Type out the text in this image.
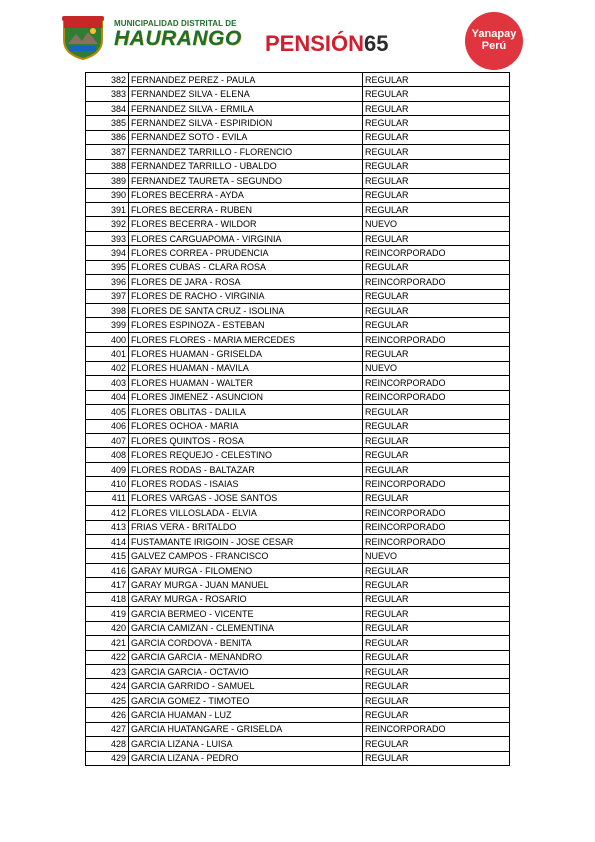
MUNICIPALIDAD DISTRITAL DE
HAURANGO PENSIÓN65	Yanapay
Perú
382	FERNANDEZ PEREZ - PAULA	REGULAR
383	FERNANDEZ SILVA - ELENA	REGULAR
384	FERNANDEZ SILVA - ERMILA	REGULAR
385	FERNANDEZ SILVA - ESPIRIDION	REGULAR
386	FERNANDEZ SOTO - EVILA	REGULAR
387	FERNANDEZ TARRILLO - FLORENCIO	REGULAR
388	FERNANDEZ TARRILLO - UBALDO	REGULAR
389	FERNANDEZ TAURETA - SEGUNDO	REGULAR
390	FLORES BECERRA - AYDA	REGULAR
391	FLORES BECERRA - RUBEN	REGULAR
392	FLORES BECERRA - WILDOR	NUEVO
393	FLORES CARGUAPOMA - VIRGINIA	REGULAR
394	FLORES CORREA - PRUDENCIA	REINCORPORADO
395	FLORES CUBAS - CLARA ROSA	REGULAR
396	FLORES DE JARA - ROSA	REINCORPORADO
397	FLORES DE RACHO - VIRGINIA	REGULAR
398	FLORES DE SANTA CRUZ - ISOLINA	REGULAR
399	FLORES ESPINOZA - ESTEBAN	REGULAR
400	FLORES FLORES - MARIA MERCEDES	REINCORPORADO
401	FLORES HUAMAN - GRISELDA	REGULAR
402	FLORES HUAMAN - MAVILA	NUEVO
403	FLORES HUAMAN - WALTER	REINCORPORADO
404	FLORES JIMENEZ - ASUNCION	REINCORPORADO
405	FLORES OBLITAS - DALILA	REGULAR
406	FLORES OCHOA - MARIA	REGULAR
407	FLORES QUINTOS - ROSA	REGULAR
408	FLORES REQUEJO - CELESTINO	REGULAR
409	FLORES RODAS - BALTAZAR	REGULAR
410	FLORES RODAS - ISAIAS	REINCORPORADO
411	FLORES VARGAS - JOSE SANTOS	REGULAR
412	FLORES VILLOSLADA - ELVIA	REINCORPORADO
413	FRIAS VERA - BRITALDO	REINCORPORADO
414	FUSTAMANTE IRIGOIN - JOSE CESAR	REINCORPORADO
415	GALVEZ CAMPOS - FRANCISCO	NUEVO
416	GARAY MURGA - FILOMENO	REGULAR
417	GARAY MURGA - JUAN MANUEL	REGULAR
418	GARAY MURGA - ROSARIO	REGULAR
419	GARCIA BERMEO - VICENTE	REGULAR
420	GARCIA CAMIZAN - CLEMENTINA	REGULAR
421	GARCIA CORDOVA - BENITA	REGULAR
422	GARCIA GARCIA - MENANDRO	REGULAR
423	GARCIA GARCIA - OCTAVIO	REGULAR
424	GARCIA GARRIDO - SAMUEL	REGULAR
425	GARCIA GOMEZ - TIMOTEO	REGULAR
426	GARCIA HUAMAN - LUZ	REGULAR
427	GARCIA HUATANGARE - GRISELDA	REINCORPORADO
428	GARCIA LIZANA - LUISA	REGULAR
429	GARCIA LIZANA - PEDRO	REGULAR
